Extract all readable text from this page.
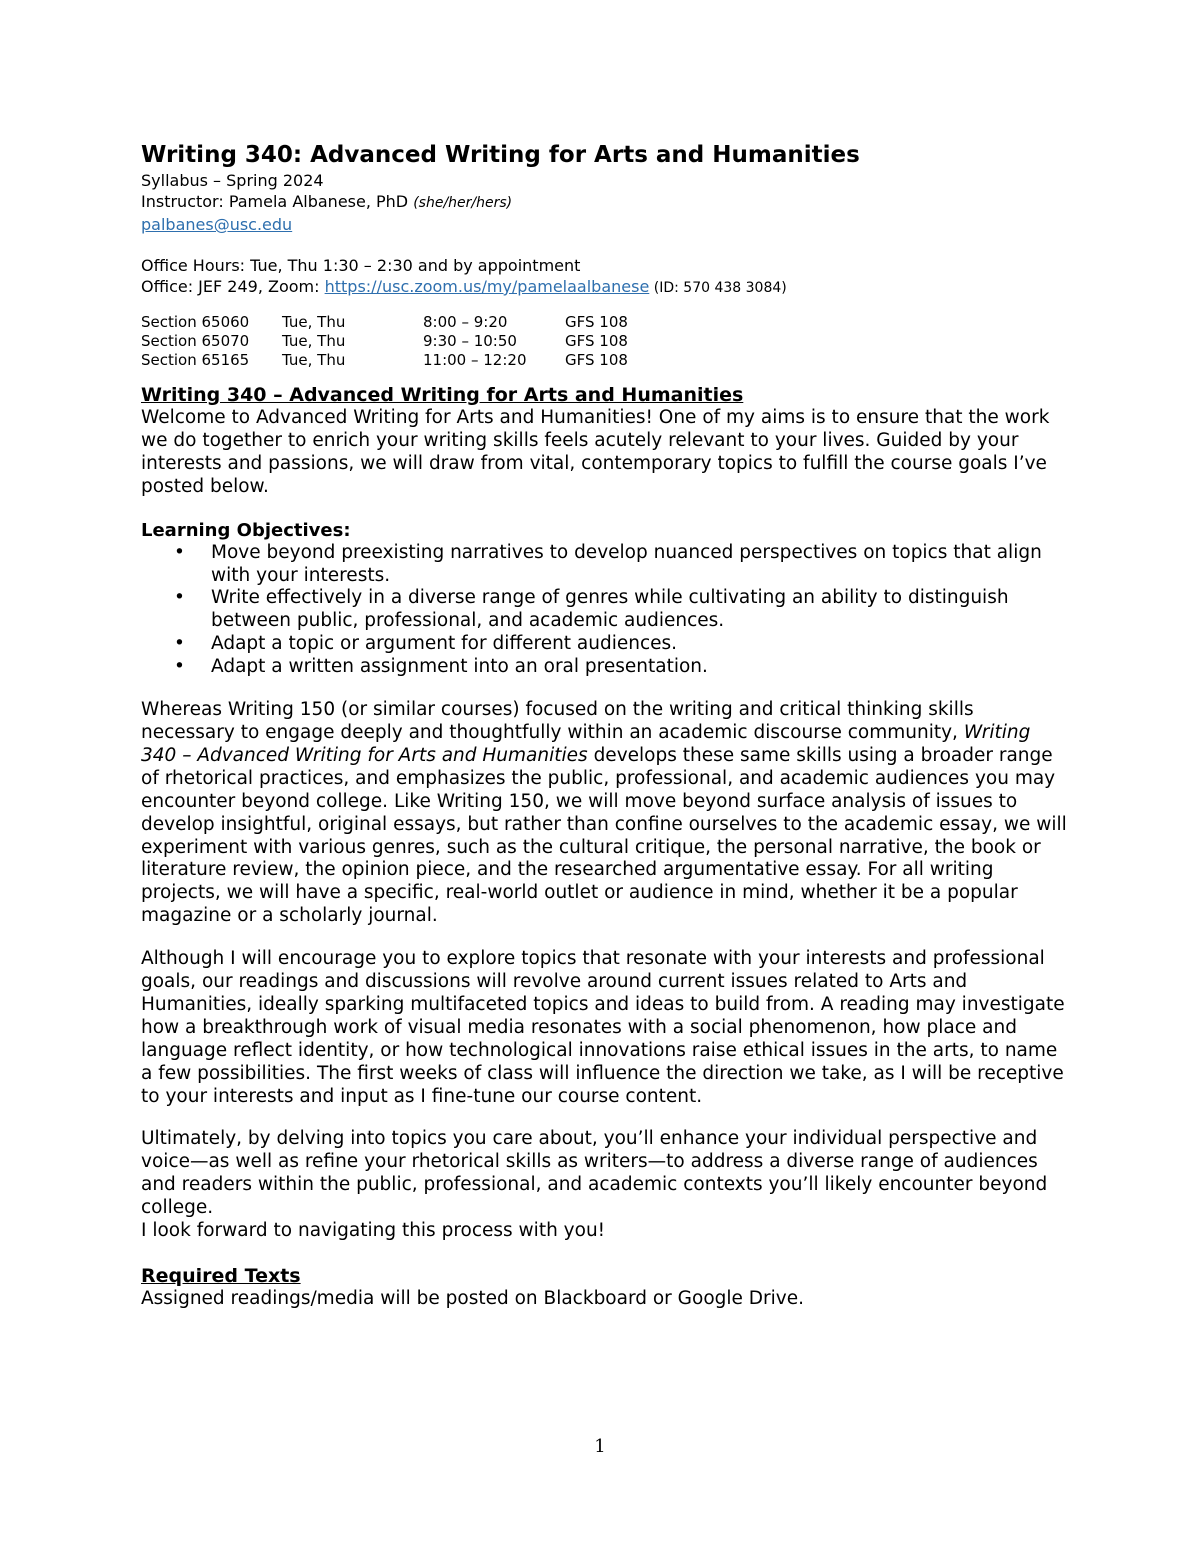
Writing 340: Advanced Writing for Arts and Humanities
Syllabus – Spring 2024
Instructor: Pamela Albanese, PhD (she/her/hers)
palbanes@usc.edu
Office Hours: Tue, Thu 1:30 – 2:30 and by appointment
Office: JEF 249, Zoom: https://usc.zoom.us/my/pamelaalbanese (ID: 570 438 3084)
Section 65060	Tue, Thu	8:00 – 9:20	GFS 108
Section 65070	Tue, Thu	9:30 – 10:50	GFS 108
Section 65165	Tue, Thu	11:00 – 12:20	GFS 108
Writing 340 – Advanced Writing for Arts and Humanities

Welcome to Advanced Writing for Arts and Humanities! One of my aims is to ensure that the work we do together to enrich your writing skills feels acutely relevant to your lives. Guided by your interests and passions, we will draw from vital, contemporary topics to fulfill the course goals I’ve posted below.

Learning Objectives:
• Move beyond preexisting narratives to develop nuanced perspectives on topics that align with your interests.
• Write effectively in a diverse range of genres while cultivating an ability to distinguish between public, professional, and academic audiences.
• Adapt a topic or argument for different audiences.
• Adapt a written assignment into an oral presentation.

Whereas Writing 150 (or similar courses) focused on the writing and critical thinking skills necessary to engage deeply and thoughtfully within an academic discourse community, Writing 340 – Advanced Writing for Arts and Humanities develops these same skills using a broader range of rhetorical practices, and emphasizes the public, professional, and academic audiences you may encounter beyond college. Like Writing 150, we will move beyond surface analysis of issues to develop insightful, original essays, but rather than confine ourselves to the academic essay, we will experiment with various genres, such as the cultural critique, the personal narrative, the book or literature review, the opinion piece, and the researched argumentative essay. For all writing projects, we will have a specific, real-world outlet or audience in mind, whether it be a popular magazine or a scholarly journal.

Although I will encourage you to explore topics that resonate with your interests and professional goals, our readings and discussions will revolve around current issues related to Arts and Humanities, ideally sparking multifaceted topics and ideas to build from. A reading may investigate how a breakthrough work of visual media resonates with a social phenomenon, how place and language reflect identity, or how technological innovations raise ethical issues in the arts, to name a few possibilities. The first weeks of class will influence the direction we take, as I will be receptive to your interests and input as I fine-tune our course content.

Ultimately, by delving into topics you care about, you’ll enhance your individual perspective and voice—as well as refine your rhetorical skills as writers—to address a diverse range of audiences and readers within the public, professional, and academic contexts you’ll likely encounter beyond college.

I look forward to navigating this process with you!

Required Texts

Assigned readings/media will be posted on Blackboard or Google Drive.

1
